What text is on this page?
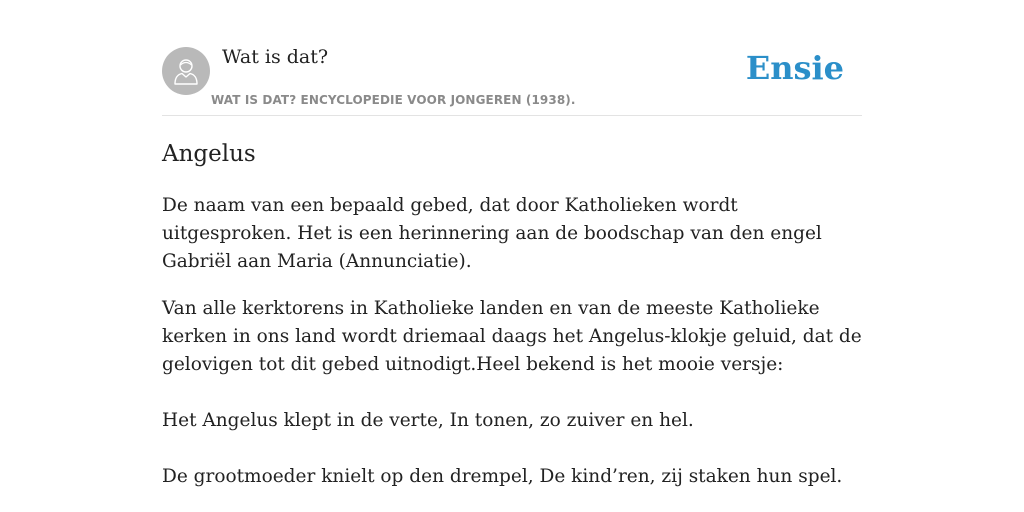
Wat is dat?
WAT IS DAT? ENCYCLOPEDIE VOOR JONGEREN (1938).
Ensie
Angelus

De naam van een bepaald gebed, dat door Katholieken wordt uitgesproken. Het is een herinnering aan de boodschap van den engel Gabriël aan Maria (Annunciatie).

Van alle kerktorens in Katholieke landen en van de meeste Katholieke kerken in ons land wordt driemaal daags het Angelus-klokje geluid, dat de gelovigen tot dit gebed uitnodigt.Heel bekend is het mooie versje:

Het Angelus klept in de verte, In tonen, zo zuiver en hel.

De grootmoeder knielt op den drempel, De kind’ren, zij staken hun spel.
